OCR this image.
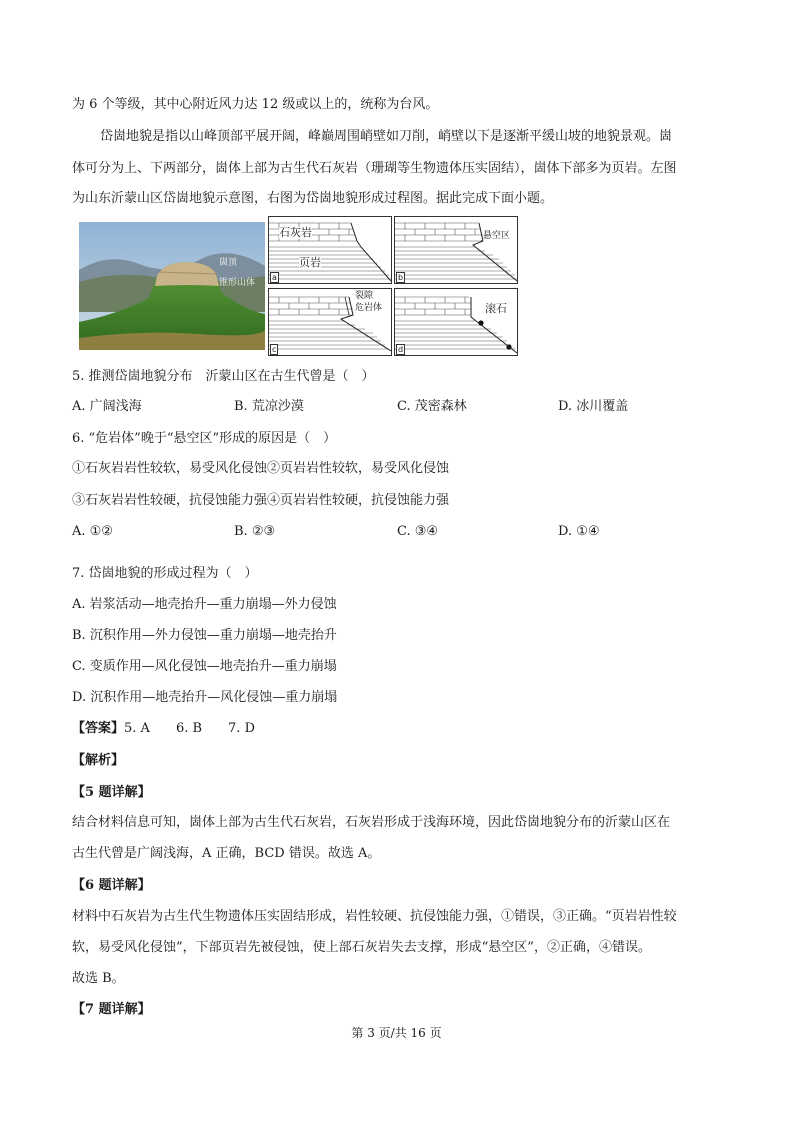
为 6 个等级，其中心附近风力达 12 级或以上的，统称为台风。
岱崮地貌是指以山峰顶部平展开阔，峰巅周围峭壁如刀削，峭壁以下是逐渐平缓山坡的地貌景观。崮
体可分为上、下两部分，崮体上部为古生代石灰岩（珊瑚等生物遗体压实固结），崮体下部多为页岩。左图
为山东沂蒙山区岱崮地貌示意图，右图为岱崮地貌形成过程图。据此完成下面小题。
崮顶
锥形山体
石灰岩
页岩
a
悬空区
b
裂隙
危岩体
c
滚石
d
5. 推测岱崮地貌分布　沂蒙山区在古生代曾是（　）
A. 广阔浅海	B. 荒凉沙漠	C. 茂密森林	D. 冰川覆盖
6. “危岩体”晚于“悬空区”形成的原因是（　）
①石灰岩岩性较软，易受风化侵蚀②页岩岩性较软，易受风化侵蚀
③石灰岩岩性较硬，抗侵蚀能力强④页岩岩性较硬，抗侵蚀能力强
A. ①②	B. ②③	C. ③④	D. ①④
7. 岱崮地貌的形成过程为（　）
A. 岩浆活动—地壳抬升—重力崩塌—外力侵蚀
B. 沉积作用—外力侵蚀—重力崩塌—地壳抬升
C. 变质作用—风化侵蚀—地壳抬升—重力崩塌
D. 沉积作用—地壳抬升—风化侵蚀—重力崩塌
【答案】5. A　　6. B　　7. D
【解析】
【5 题详解】
结合材料信息可知，崮体上部为古生代石灰岩，石灰岩形成于浅海环境，因此岱崮地貌分布的沂蒙山区在
古生代曾是广阔浅海，A 正确，BCD 错误。故选 A。
【6 题详解】
材料中石灰岩为古生代生物遗体压实固结形成，岩性较硬、抗侵蚀能力强，①错误，③正确。“页岩岩性较
软，易受风化侵蚀”，下部页岩先被侵蚀，使上部石灰岩失去支撑，形成“悬空区”，②正确，④错误。
故选 B。
【7 题详解】
第 3 页/共 16 页
